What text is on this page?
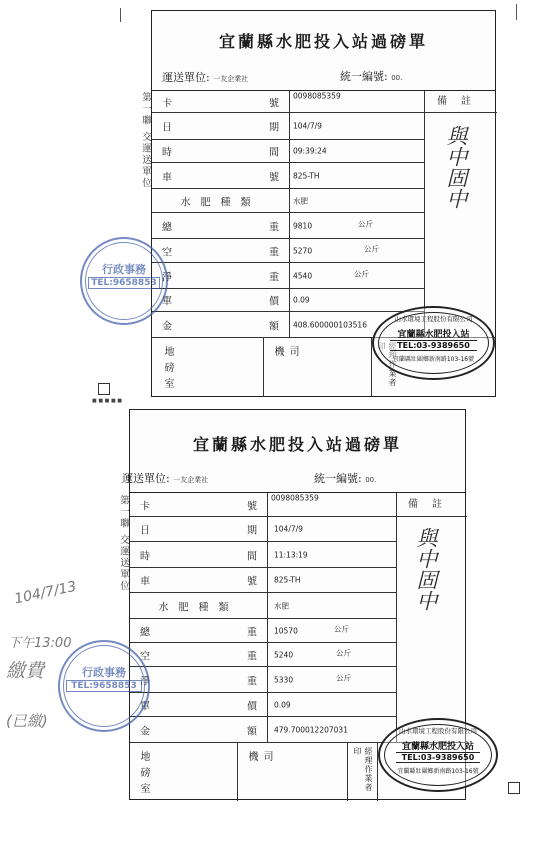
宜蘭縣水肥投入站過磅單
運送單位: 一友企業社	統一編號: 00.
卡	號
0098085359
日	期 104/7/9
時	間 09:39:24
車	號 825-TH
水肥種類	水肥
總	重 9810	公斤
空	重 5270	公斤
淨	重 4540	公斤
單	價 0.09
金	額 408.600000103516
備註
與中固中
地磅室	司機	經理作業者印
第一聯 交運送單位
行政事務
TEL:9658853
山水環境工程股份有限公司
宜蘭縣水肥投入站
TEL:03-9389650
宜蘭縣壯圍鄉新南路103-16號
■ ■ ■ ■ ■
宜蘭縣水肥投入站過磅單
運送單位: 一友企業社	統一編號: 00.
卡	號
0098085359
日	期 104/7/9
時	間 11:13:19
車	號 825-TH
水肥種類	水肥
總	重 10570	公斤
空	重 5240	公斤
淨	重 5330	公斤
單	價 0.09
金	額 479.700012207031
備註
與中固中
地磅室	司機	經理作業者印
第一聯 交運送單位
行政事務
TEL:9658853
山水環境工程股份有限公司
宜蘭縣水肥投入站
TEL:03-9389650
宜蘭縣壯圍鄉新南路103-16號
104/7/13
下午13:00
繳費
(已繳)
